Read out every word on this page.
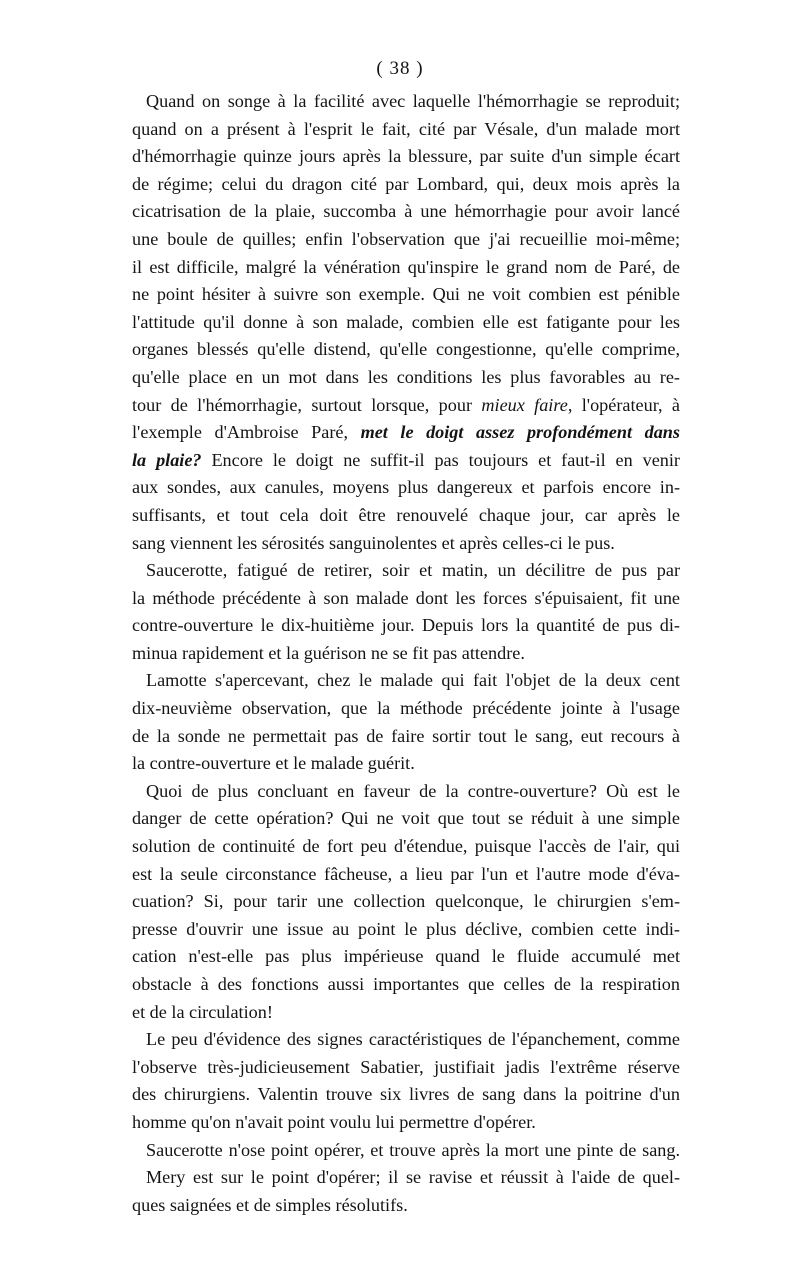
( 38 )
Quand on songe à la facilité avec laquelle l'hémorrhagie se reproduit;
quand on a présent à l'esprit le fait, cité par Vésale, d'un malade mort
d'hémorrhagie quinze jours après la blessure, par suite d'un simple écart
de régime; celui du dragon cité par Lombard, qui, deux mois après la
cicatrisation de la plaie, succomba à une hémorrhagie pour avoir lancé
une boule de quilles; enfin l'observation que j'ai recueillie moi-même;
il est difficile, malgré la vénération qu'inspire le grand nom de Paré, de
ne point hésiter à suivre son exemple. Qui ne voit combien est pénible
l'attitude qu'il donne à son malade, combien elle est fatigante pour les
organes blessés qu'elle distend, qu'elle congestionne, qu'elle comprime,
qu'elle place en un mot dans les conditions les plus favorables au re-
tour de l'hémorrhagie, surtout lorsque, pour mieux faire, l'opérateur, à
l'exemple d'Ambroise Paré, met le doigt assez profondément dans
la plaie? Encore le doigt ne suffit-il pas toujours et faut-il en venir
aux sondes, aux canules, moyens plus dangereux et parfois encore in-
suffisants, et tout cela doit être renouvelé chaque jour, car après le
sang viennent les sérosités sanguinolentes et après celles-ci le pus.
Saucerotte, fatigué de retirer, soir et matin, un décilitre de pus par
la méthode précédente à son malade dont les forces s'épuisaient, fit une
contre-ouverture le dix-huitième jour. Depuis lors la quantité de pus di-
minua rapidement et la guérison ne se fit pas attendre.
Lamotte s'apercevant, chez le malade qui fait l'objet de la deux cent
dix-neuvième observation, que la méthode précédente jointe à l'usage
de la sonde ne permettait pas de faire sortir tout le sang, eut recours à
la contre-ouverture et le malade guérit.
Quoi de plus concluant en faveur de la contre-ouverture? Où est le
danger de cette opération? Qui ne voit que tout se réduit à une simple
solution de continuité de fort peu d'étendue, puisque l'accès de l'air, qui
est la seule circonstance fâcheuse, a lieu par l'un et l'autre mode d'éva-
cuation? Si, pour tarir une collection quelconque, le chirurgien s'em-
presse d'ouvrir une issue au point le plus déclive, combien cette indi-
cation n'est-elle pas plus impérieuse quand le fluide accumulé met
obstacle à des fonctions aussi importantes que celles de la respiration
et de la circulation!
Le peu d'évidence des signes caractéristiques de l'épanchement, comme
l'observe très-judicieusement Sabatier, justifiait jadis l'extrême réserve
des chirurgiens. Valentin trouve six livres de sang dans la poitrine d'un
homme qu'on n'avait point voulu lui permettre d'opérer.
Saucerotte n'ose point opérer, et trouve après la mort une pinte de sang.
Mery est sur le point d'opérer; il se ravise et réussit à l'aide de quel-
ques saignées et de simples résolutifs.
